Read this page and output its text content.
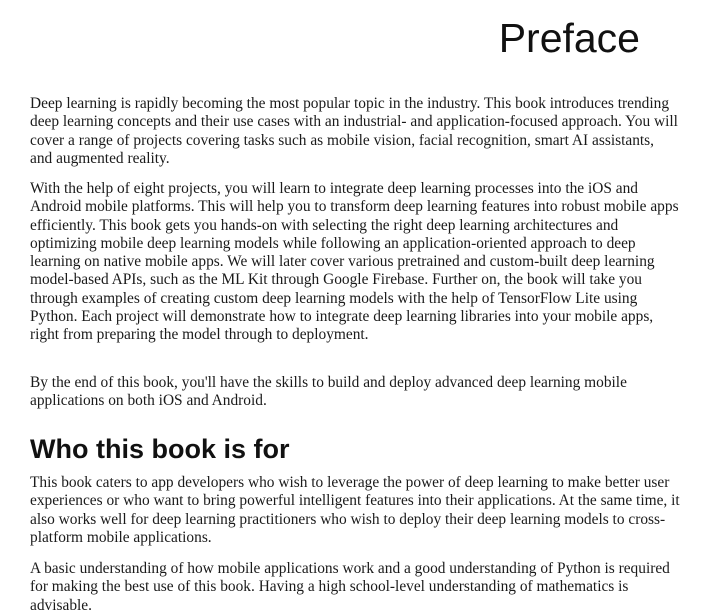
Preface

Deep learning is rapidly becoming the most popular topic in the industry. This book introduces trending deep learning concepts and their use cases with an industrial- and application-focused approach. You will cover a range of projects covering tasks such as mobile vision, facial recognition, smart AI assistants, and augmented reality.

With the help of eight projects, you will learn to integrate deep learning processes into the iOS and Android mobile platforms. This will help you to transform deep learning features into robust mobile apps efficiently. This book gets you hands-on with selecting the right deep learning architectures and optimizing mobile deep learning models while following an application-oriented approach to deep learning on native mobile apps. We will later cover various pretrained and custom-built deep learning model-based APIs, such as the ML Kit through Google Firebase. Further on, the book will take you through examples of creating custom deep learning models with the help of TensorFlow Lite using Python. Each project will demonstrate how to integrate deep learning libraries into your mobile apps, right from preparing the model through to deployment.

By the end of this book, you'll have the skills to build and deploy advanced deep learning mobile applications on both iOS and Android.

Who this book is for

This book caters to app developers who wish to leverage the power of deep learning to make better user experiences or who want to bring powerful intelligent features into their applications. At the same time, it also works well for deep learning practitioners who wish to deploy their deep learning models to cross-platform mobile applications.

A basic understanding of how mobile applications work and a good understanding of Python is required for making the best use of this book. Having a high school-level understanding of mathematics is advisable.
